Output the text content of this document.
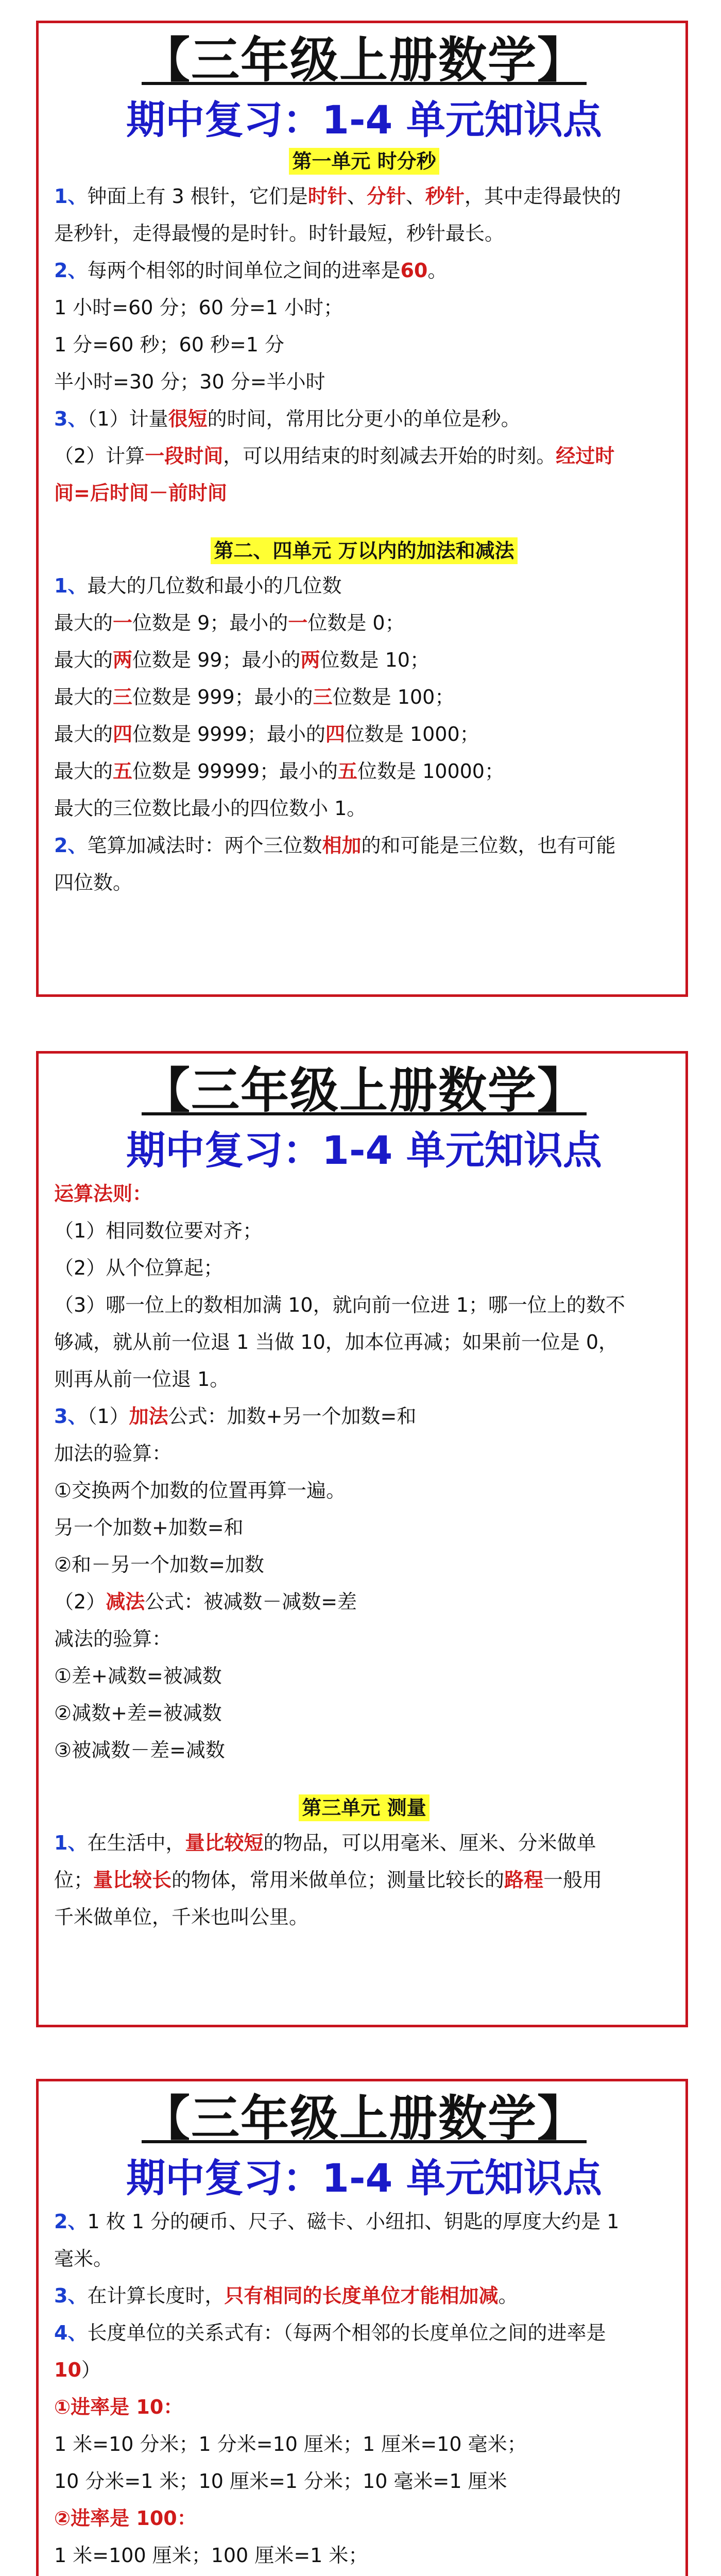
【三年级上册数学】
期中复习：1-4 单元知识点
第一单元 时分秒
1、钟面上有 3 根针，它们是时针、分针、秒针，其中走得最快的
是秒针，走得最慢的是时针。时针最短，秒针最长。
2、每两个相邻的时间单位之间的进率是60。
1 小时=60 分；60 分=1 小时；
1 分=60 秒；60 秒=1 分
半小时=30 分；30 分=半小时
3、（1）计量很短的时间，常用比分更小的单位是秒。
（2）计算一段时间，可以用结束的时刻减去开始的时刻。经过时
间=后时间－前时间
第二、四单元 万以内的加法和减法
1、最大的几位数和最小的几位数
最大的一位数是 9；最小的一位数是 0；
最大的两位数是 99；最小的两位数是 10；
最大的三位数是 999；最小的三位数是 100；
最大的四位数是 9999；最小的四位数是 1000；
最大的五位数是 99999；最小的五位数是 10000；
最大的三位数比最小的四位数小 1。
2、笔算加减法时：两个三位数相加的和可能是三位数，也有可能
四位数。
【三年级上册数学】
期中复习：1-4 单元知识点
运算法则：
（1）相同数位要对齐；
（2）从个位算起；
（3）哪一位上的数相加满 10，就向前一位进 1；哪一位上的数不
够减，就从前一位退 1 当做 10，加本位再减；如果前一位是 0，
则再从前一位退 1。
3、（1）加法公式：加数+另一个加数=和
加法的验算：
①交换两个加数的位置再算一遍。
另一个加数+加数=和
②和－另一个加数=加数
（2）减法公式：被减数－减数=差
减法的验算：
①差+减数=被减数
②减数+差=被减数
③被减数－差=减数
第三单元 测量
1、在生活中，量比较短的物品，可以用毫米、厘米、分米做单
位；量比较长的物体，常用米做单位；测量比较长的路程一般用
千米做单位，千米也叫公里。
【三年级上册数学】
期中复习：1-4 单元知识点
2、1 枚 1 分的硬币、尺子、磁卡、小纽扣、钥匙的厚度大约是 1
毫米。
3、在计算长度时，只有相同的长度单位才能相加减。
4、长度单位的关系式有：（每两个相邻的长度单位之间的进率是
10）
①进率是 10：
1 米=10 分米；1 分米=10 厘米；1 厘米=10 毫米；
10 分米=1 米；10 厘米=1 分米；10 毫米=1 厘米
②进率是 100：
1 米=100 厘米；100 厘米=1 米；
